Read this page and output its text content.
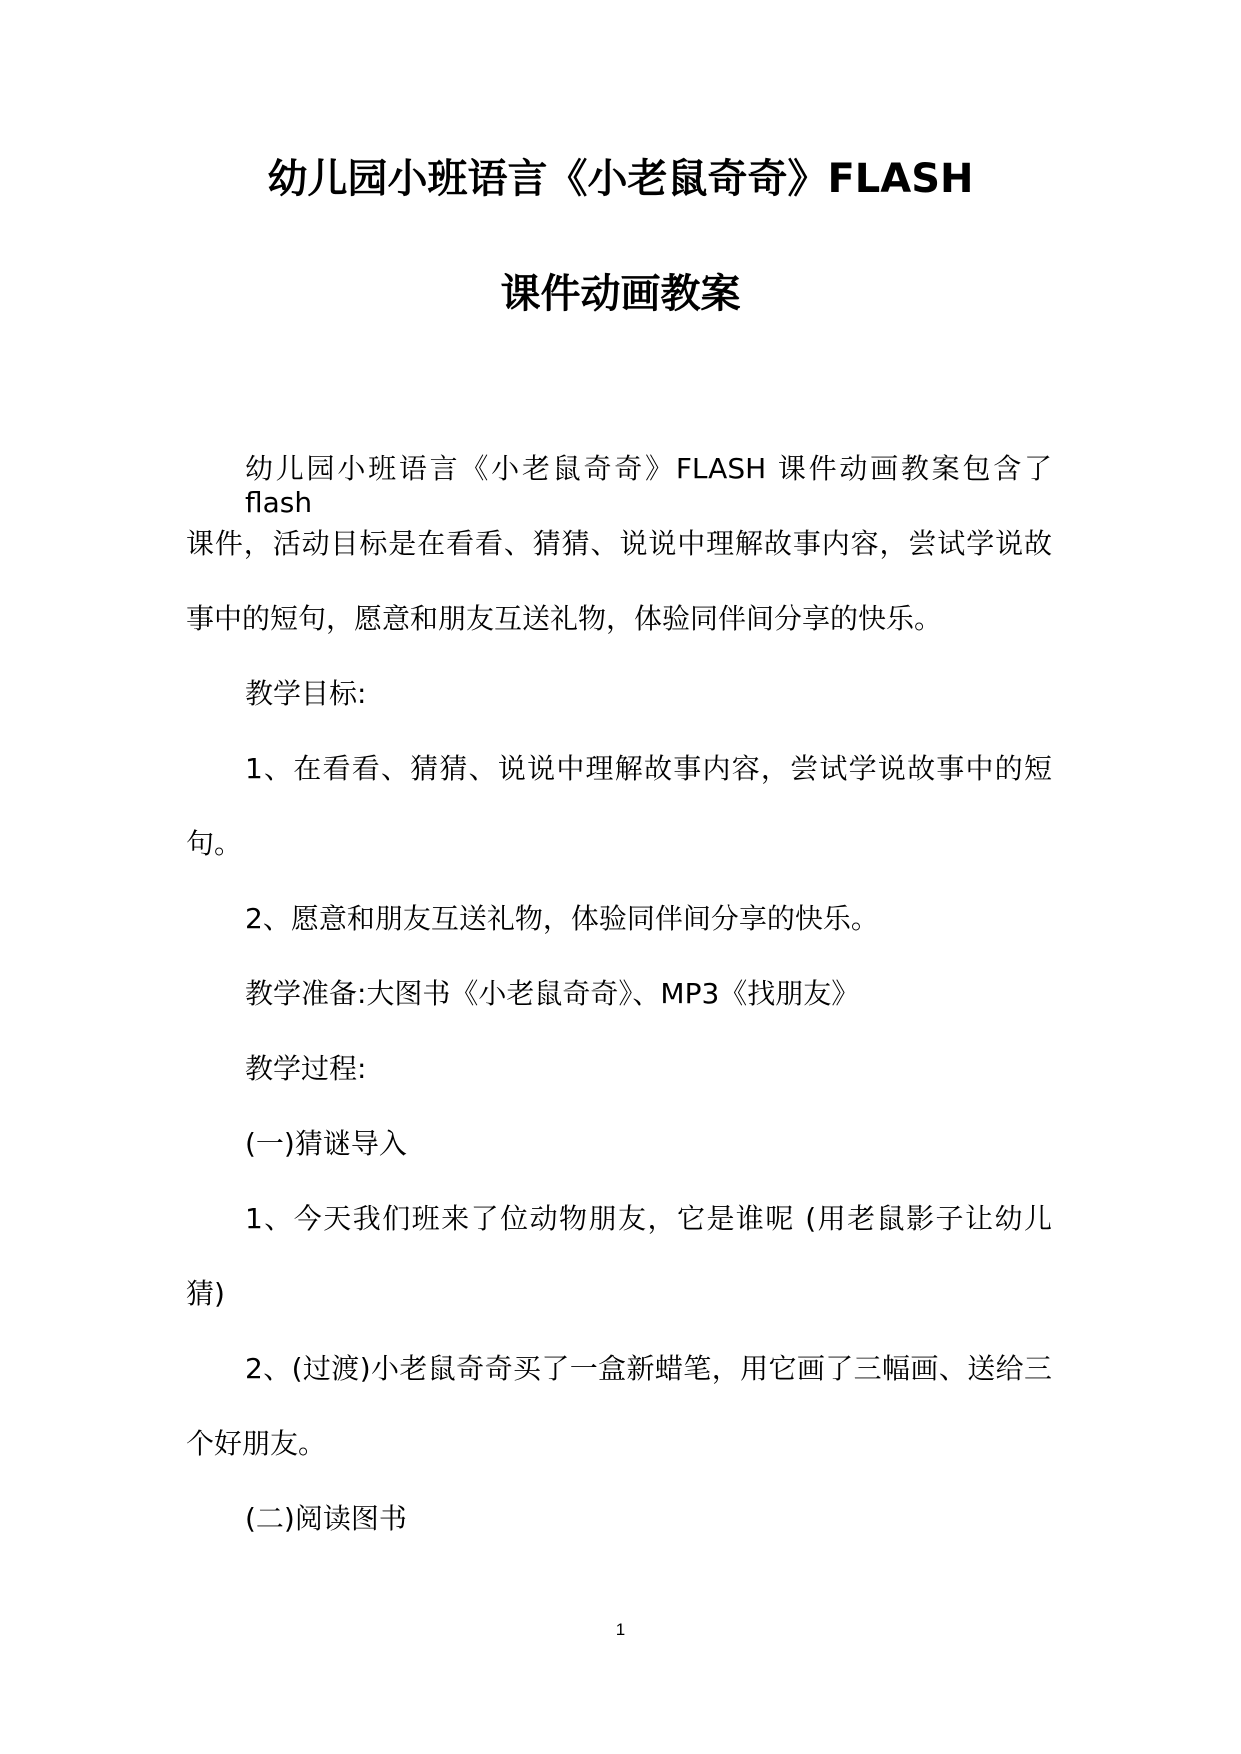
幼儿园小班语言《小老鼠奇奇》FLASH
课件动画教案
幼儿园小班语言《小老鼠奇奇》FLASH 课件动画教案包含了 flash
课件，活动目标是在看看、猜猜、说说中理解故事内容，尝试学说故
事中的短句，愿意和朋友互送礼物，体验同伴间分享的快乐。
教学目标:
1、在看看、猜猜、说说中理解故事内容，尝试学说故事中的短
句。
2、愿意和朋友互送礼物，体验同伴间分享的快乐。
教学准备:大图书《小老鼠奇奇》、MP3《找朋友》
教学过程:
(一)猜谜导入
1、今天我们班来了位动物朋友，它是谁呢 (用老鼠影子让幼儿
猜)
2、(过渡)小老鼠奇奇买了一盒新蜡笔，用它画了三幅画、送给三
个好朋友。
(二)阅读图书
1
